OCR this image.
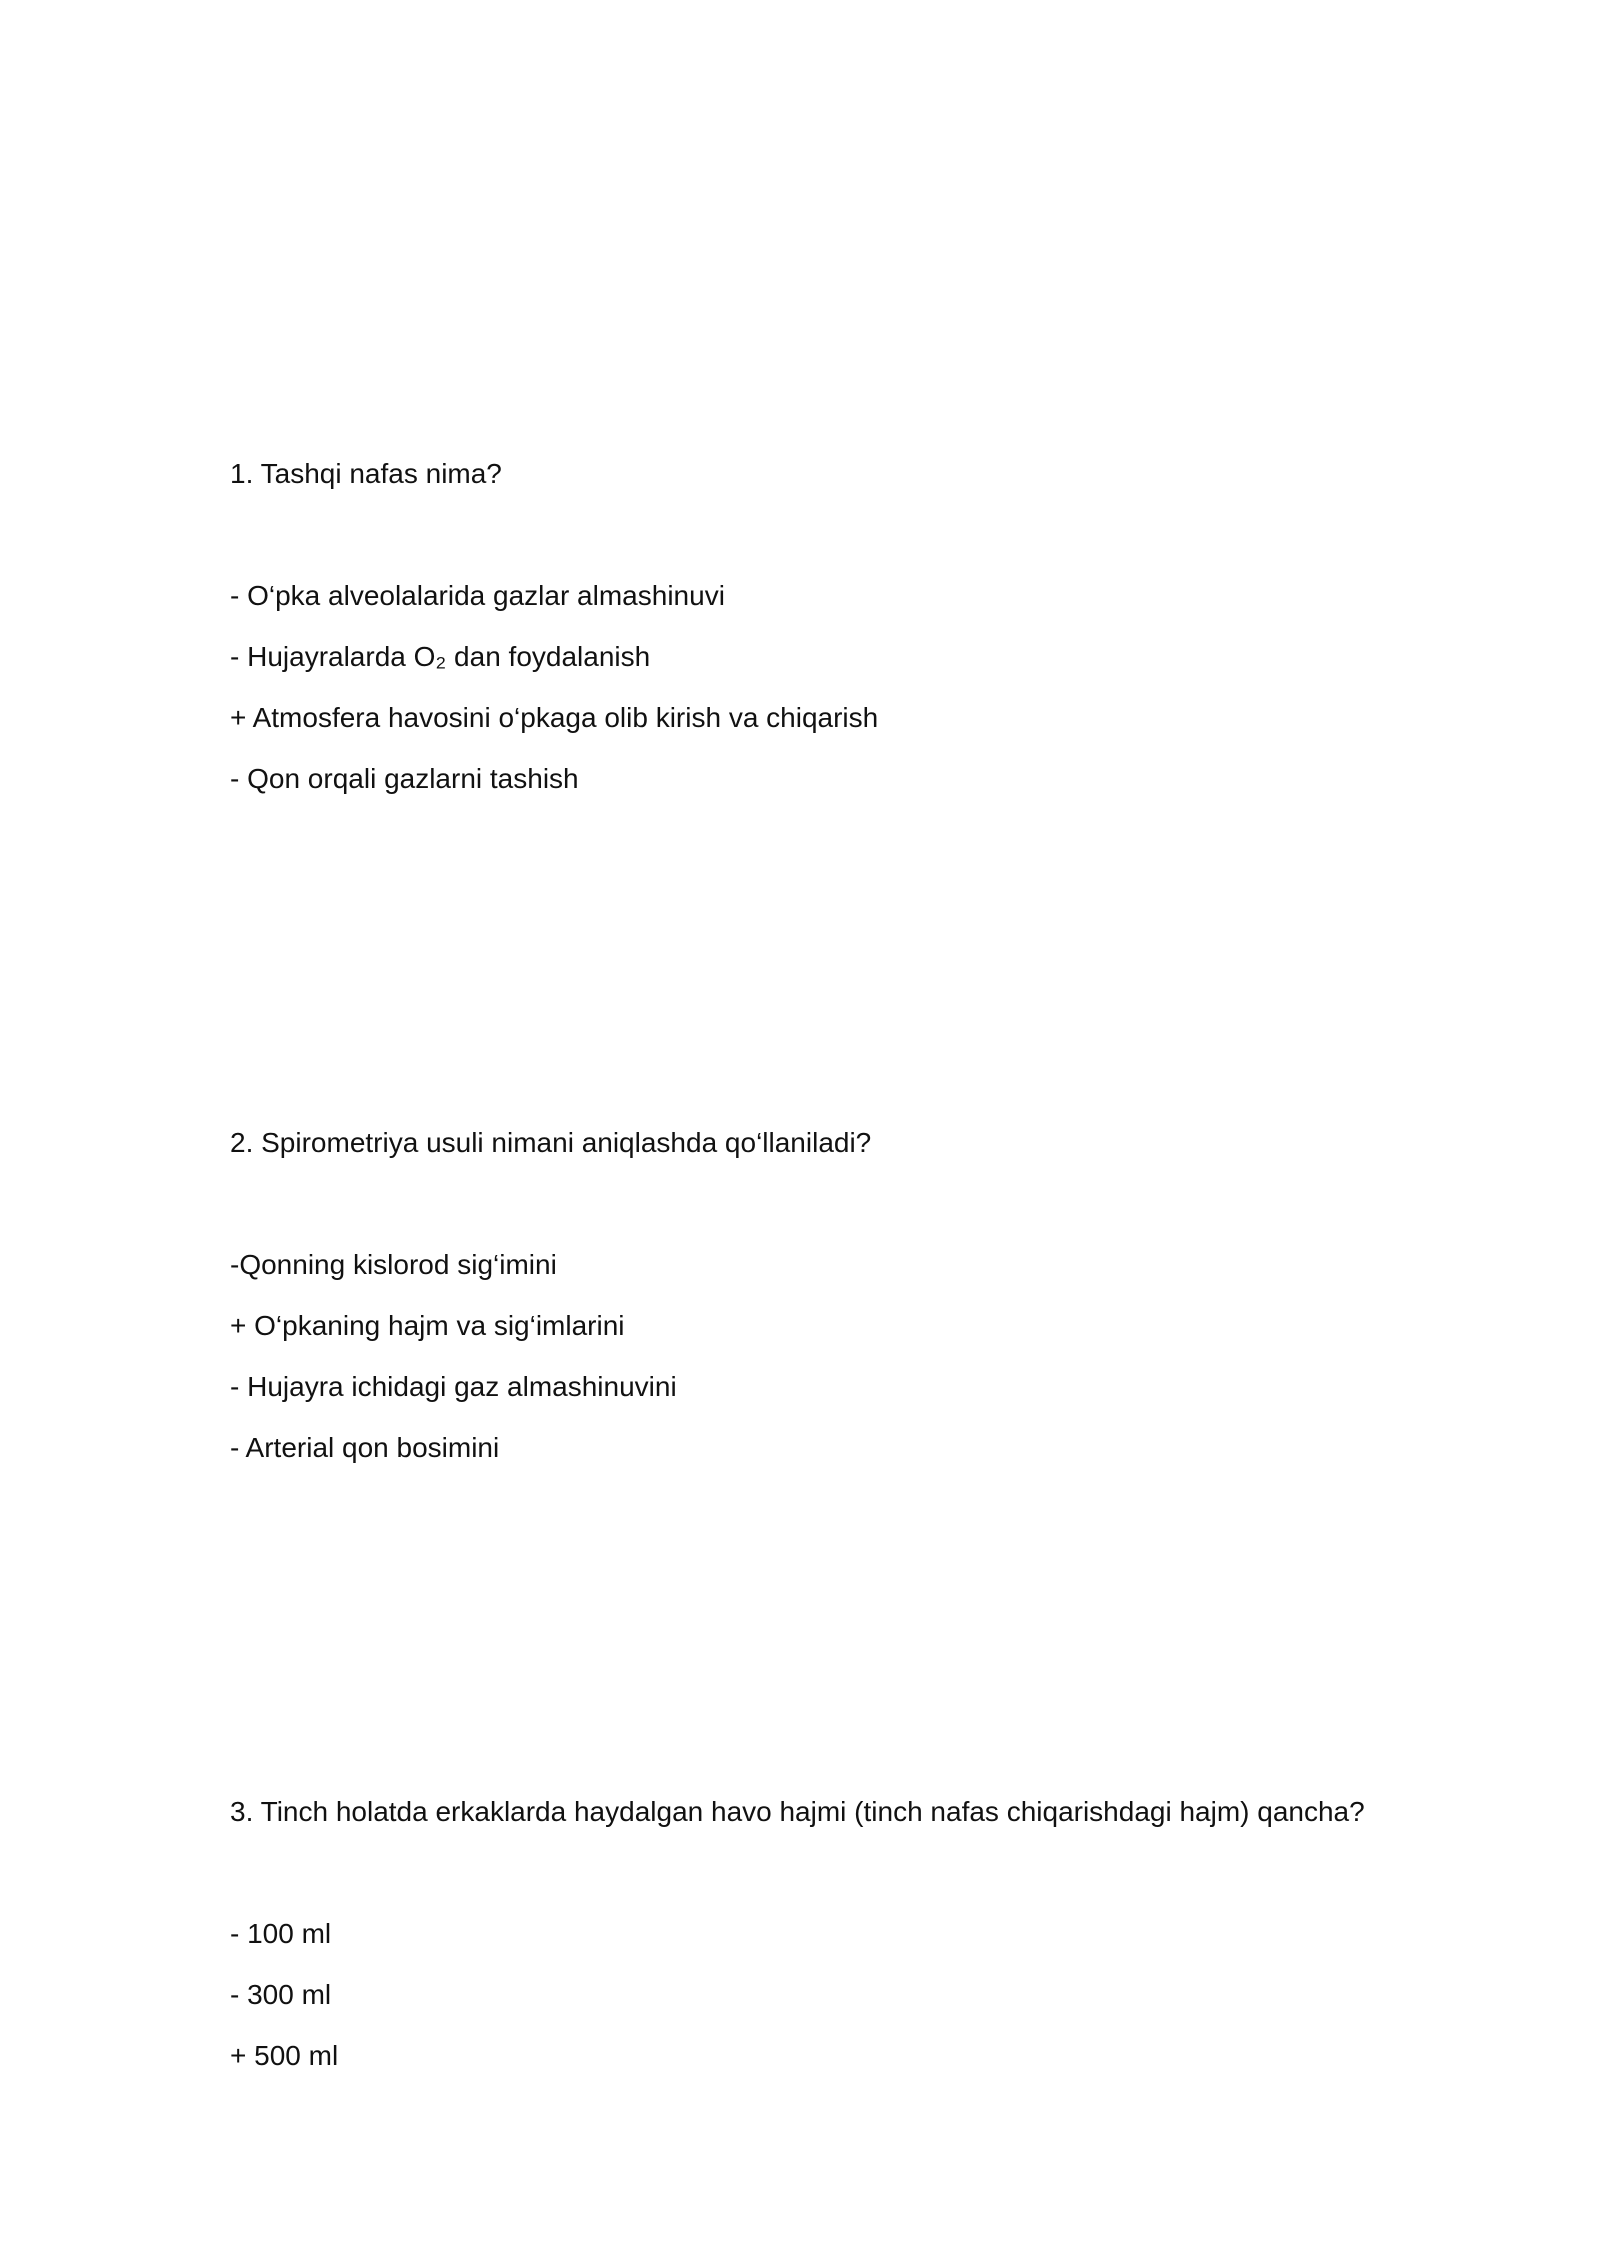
1. Tashqi nafas nima?
- O‘pka alveolalarida gazlar almashinuvi
- Hujayralarda O₂ dan foydalanish
+ Atmosfera havosini o‘pkaga olib kirish va chiqarish
- Qon orqali gazlarni tashish
2. Spirometriya usuli nimani aniqlashda qo‘llaniladi?
-Qonning kislorod sig‘imini
+ O‘pkaning hajm va sig‘imlarini
- Hujayra ichidagi gaz almashinuvini
- Arterial qon bosimini
3. Tinch holatda erkaklarda haydalgan havo hajmi (tinch nafas chiqarishdagi hajm) qancha?
- 100 ml
- 300 ml
+ 500 ml
